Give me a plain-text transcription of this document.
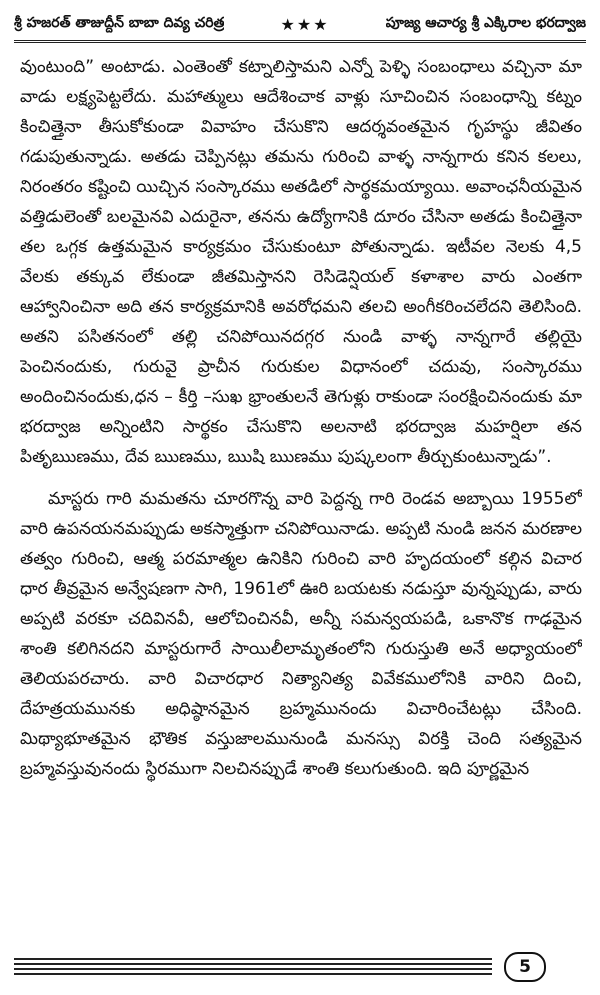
శ్రీ హజరత్ తాజుద్దీన్ బాబా దివ్య చరిత్ర	★★★	పూజ్య ఆచార్య శ్రీ ఎక్కిరాల భరద్వాజ

వుంటుంది” అంటాడు. ఎంతెంతో కట్నాలిస్తామని ఎన్నో పెళ్ళి సంబంధాలు వచ్చినా మా వాడు లక్ష్యపెట్టలేదు. మహాత్ములు ఆదేశించాక వాళ్లు సూచించిన సంబంధాన్ని కట్నం కించిత్తైనా తీసుకోకుండా వివాహం చేసుకొని ఆదర్శవంతమైన గృహస్థు జీవితం గడుపుతున్నాడు. అతడు చెప్పినట్లు తమను గురించి వాళ్ళ నాన్నగారు కనిన కలలు, నిరంతరం కష్టించి యిచ్చిన సంస్కారము అతడిలో సార్థకమయ్యాయి. అవాంఛనీయమైన వత్తిడులెంతో బలమైనవి ఎదురైనా, తనను ఉద్యోగానికి దూరం చేసినా అతడు కించిత్తైనా తల ఒగ్గక ఉత్తమమైన కార్యక్రమం చేసుకుంటూ పోతున్నాడు. ఇటీవల నెలకు 4,5 వేలకు తక్కువ లేకుండా జీతమిస్తానని రెసిడెన్షియల్ కళాశాల వారు ఎంతగా ఆహ్వానించినా అది తన కార్యక్రమానికి అవరోధమని తలచి అంగీకరించలేదని తెలిసింది. అతని పసితనంలో తల్లి చనిపోయినదగ్గర నుండి వాళ్ళ నాన్నగారే తల్లియై పెంచినందుకు, గురువై ప్రాచీన గురుకుల విధానంలో చదువు, సంస్కారము అందించినందుకు,ధన – కీర్తి –సుఖ భ్రాంతులనే తెగుళ్లు రాకుండా సంరక్షించినందుకు మా భరద్వాజ అన్నింటిని సార్థకం చేసుకొని అలనాటి భరద్వాజ మహర్షిలా తన పితృఋణము, దేవ ఋణము, ఋషి ఋణము పుష్కలంగా తీర్చుకుంటున్నాడు”.

మాస్టరు గారి మమతను చూరగొన్న వారి పెద్దన్న గారి రెండవ అబ్బాయి 1955లో వారి ఉపనయనమప్పుడు అకస్మాత్తుగా చనిపోయినాడు. అప్పటి నుండి జనన మరణాల తత్వం గురించి, ఆత్మ పరమాత్మల ఉనికిని గురించి వారి హృదయంలో కల్గిన విచార ధార తీవ్రమైన అన్వేషణగా సాగి, 1961లో ఊరి బయటకు నడుస్తూ వున్నప్పుడు, వారు అప్పటి వరకూ చదివినవీ, ఆలోచించినవీ, అన్నీ సమన్వయపడి, ఒకానొక గాఢమైన శాంతి కలిగినదని మాస్టరుగారే సాయిలీలామృతంలోని గురుస్తుతి అనే అధ్యాయంలో తెలియపరచారు. వారి విచారధార నిత్యానిత్య వివేకములోనికి వారిని దించి, దేహత్రయమునకు అధిష్ఠానమైన బ్రహ్మమునందు విచారించేటట్లు చేసింది. మిథ్యాభూతమైన భౌతిక వస్తుజాలమునుండి మనస్సు విరక్తి చెంది సత్యమైన బ్రహ్మవస్తువునందు స్థిరముగా నిలచినప్పుడే శాంతి కలుగుతుంది. ఇది పూర్ణమైన

5
